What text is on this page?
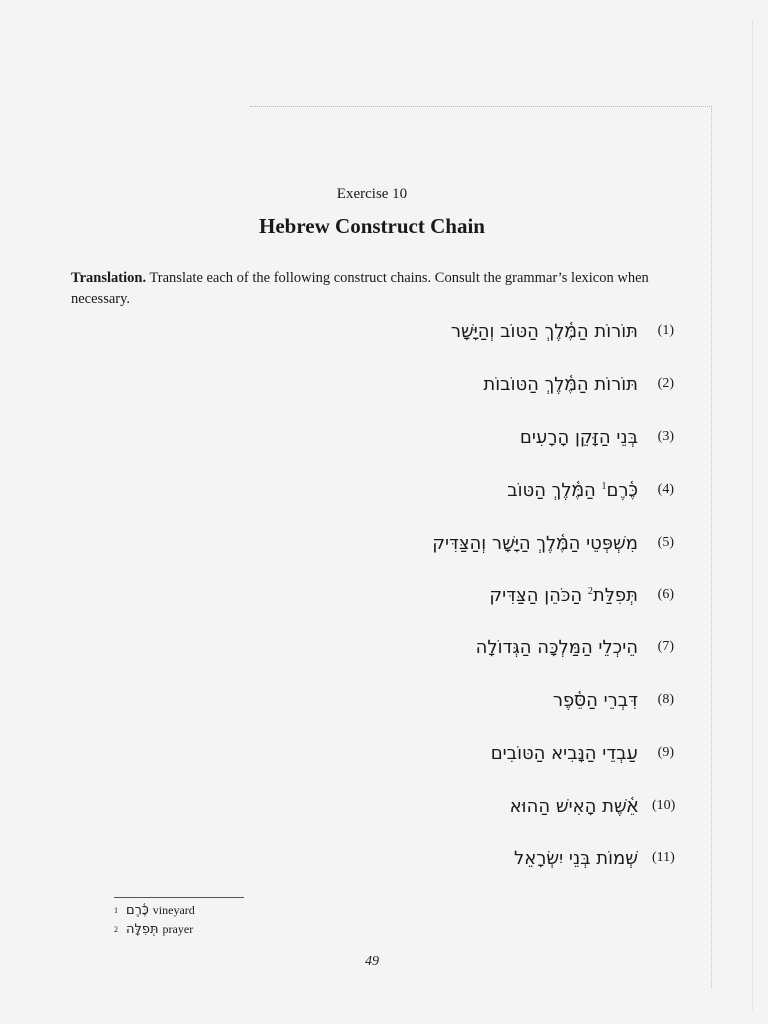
Exercise 10
Hebrew Construct Chain
Translation. Translate each of the following construct chains. Consult the grammar’s lexicon when necessary.
תּוֹרוֹת הַמֶּ֫לֶךְ הַטּוֹב וְהַיָּשָׁר	(1)
תּוֹרוֹת הַמֶּ֫לֶךְ הַטּוֹבוֹת	(2)
בְּנֵי הַזָּקֵן הָרָעִים	(3)
כֶּ֫רֶם$^1$ הַמֶּ֫לֶךְ הַטּוֹב	(4)
מִשְׁפְּטֵי הַמֶּ֫לֶךְ הַיָּשָׁר וְהַצַּדִּיק	(5)
תְּפִלַּת$^2$ הַכֹּהֵן הַצַּדִּיק	(6)
הֵיכְלֵי הַמַּלְכָּה הַגְּדוֹלָה	(7)
דִּבְרֵי הַסֵּ֫פֶר	(8)
עַבְדֵי הַנָּבִיא הַטּוֹבִים	(9)
אֵ֫שֶׁת הָאִישׁ הַהוּא (10)
שְׁמוֹת בְּנֵי יִשְׂרָאֵל (11)
1 כֶּ֫רֶם vineyard
2 תְּפִלָּה prayer
49
